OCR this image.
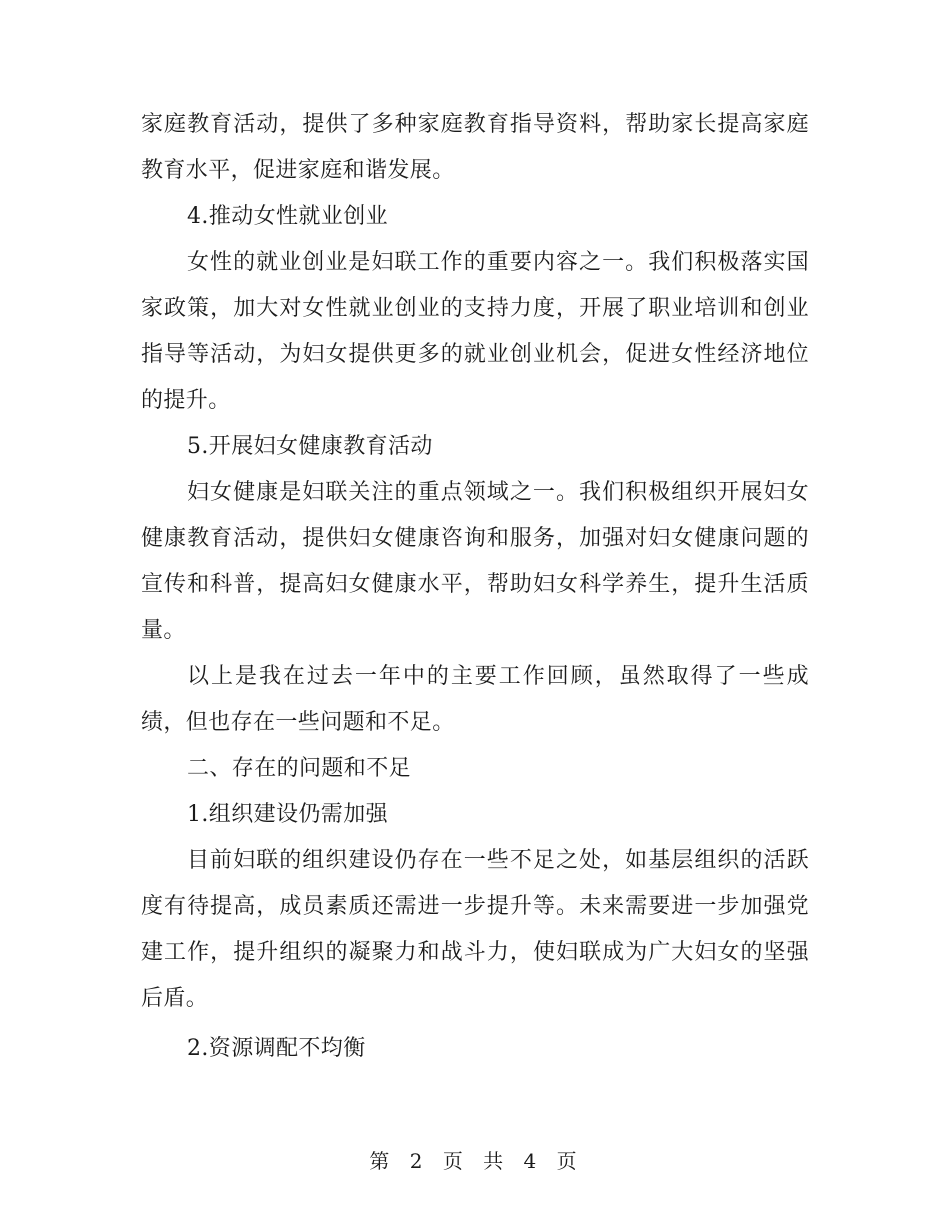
家庭教育活动，提供了多种家庭教育指导资料，帮助家长提高家庭教育水平，促进家庭和谐发展。

4.推动女性就业创业

女性的就业创业是妇联工作的重要内容之一。我们积极落实国家政策，加大对女性就业创业的支持力度，开展了职业培训和创业指导等活动，为妇女提供更多的就业创业机会，促进女性经济地位的提升。

5.开展妇女健康教育活动

妇女健康是妇联关注的重点领域之一。我们积极组织开展妇女健康教育活动，提供妇女健康咨询和服务，加强对妇女健康问题的宣传和科普，提高妇女健康水平，帮助妇女科学养生，提升生活质量。

以上是我在过去一年中的主要工作回顾，虽然取得了一些成绩，但也存在一些问题和不足。

二、存在的问题和不足

1.组织建设仍需加强

目前妇联的组织建设仍存在一些不足之处，如基层组织的活跃度有待提高，成员素质还需进一步提升等。未来需要进一步加强党建工作，提升组织的凝聚力和战斗力，使妇联成为广大妇女的坚强后盾。

2.资源调配不均衡

第 2 页 共 4 页
